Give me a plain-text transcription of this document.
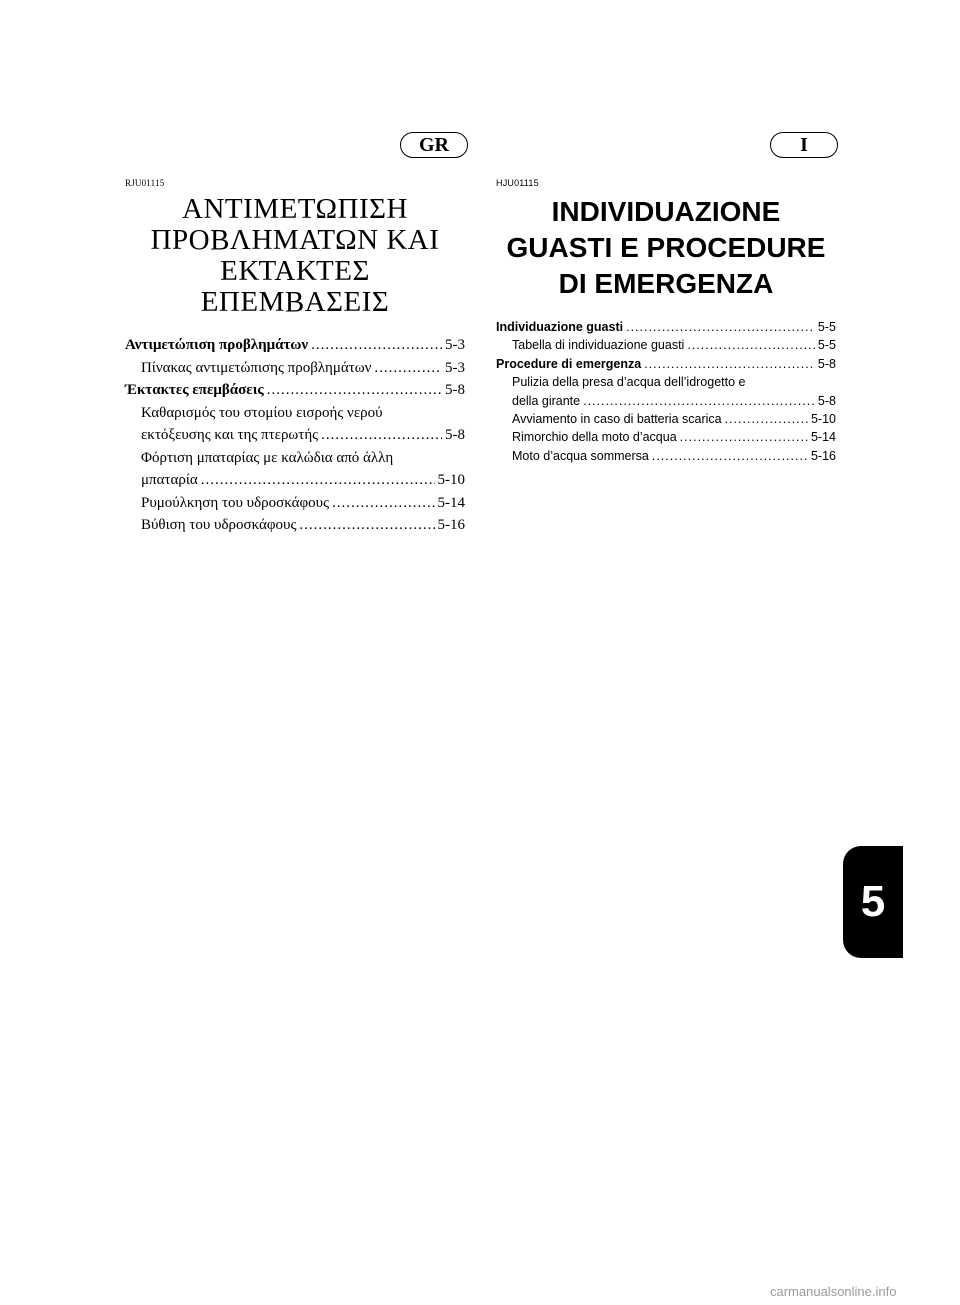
GR	I
RJU01115
ΑΝΤΙΜΕΤΩΠΙΣΗ
ΠΡΟΒΛΗΜΑΤΩΝ ΚΑΙ
ΕΚΤΑΚΤΕΣ
ΕΠΕΜΒΑΣΕΙΣ
Αντιμετώπιση προβλημάτων .....	5-3
Πίνακας αντιμετώπισης προβλημάτων .....	5-3
Έκτακτες επεμβάσεις .....	5-8
Καθαρισμός του στομίου εισροής νερού
εκτόξευσης και της πτερωτής .....	5-8
Φόρτιση μπαταρίας με καλώδια από άλλη
μπαταρία .....	5-10
Ρυμούλκηση του υδροσκάφους .....	5-14
Βύθιση του υδροσκάφους .....	5-16
HJU01115
INDIVIDUAZIONE
GUASTI E PROCEDURE
DI EMERGENZA
Individuazione guasti .....	5-5
Tabella di individuazione guasti .....	5-5
Procedure di emergenza .....	5-8
Pulizia della presa d’acqua dell’idrogetto e
della girante .....	5-8
Avviamento in caso di batteria scarica .....	5-10
Rimorchio della moto d’acqua .....	5-14
Moto d’acqua sommersa .....	5-16
5
carmanualsonline.info
